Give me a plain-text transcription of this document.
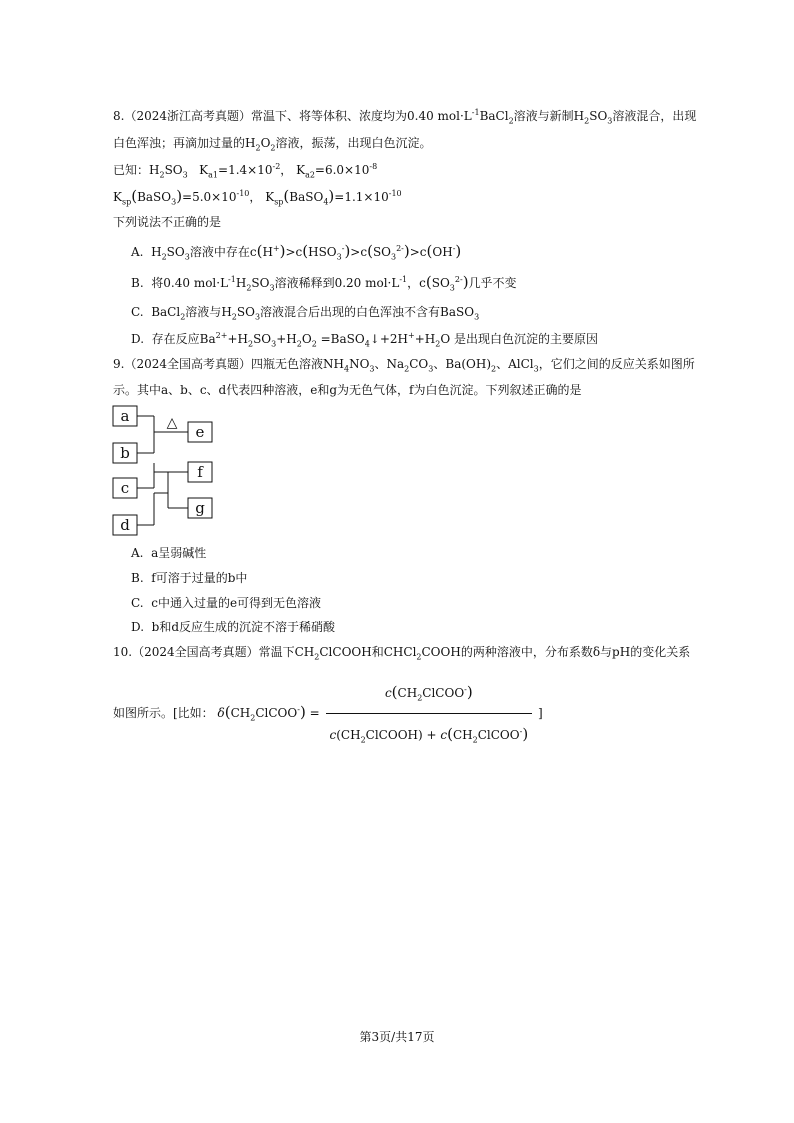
8.（2024浙江高考真题）常温下、将等体积、浓度均为0.40 $mol\cdot L^{-1}BaCl_2$溶液与新制$H_2SO_3$溶液混合，出现
白色浑浊；再滴加过量的$H_2O_2$溶液，振荡，出现白色沉淀。
已知：$H_2SO_3$   $K_{a1}=1.4\times 10^{-2}$， $K_{a2}=6.0\times 10^{-8}$
$K_{sp}(BaSO_3)=5.0\times 10^{-10}$， $K_{sp}(BaSO_4)=1.1\times 10^{-10}$
下列说法不正确的是
A.  $H_2SO_3$溶液中存在$c(H^+)>c(HSO_3^-)>c(SO_3^{2-})>c(OH^-)$
B. 将0.40 $mol\cdot L^{-1}H_2SO_3$溶液稀释到0.20 $mol\cdot L^{-1}$，$c(SO_3^{2-})$几乎不变
C.  BaCl$_2$溶液与$H_2SO_3$溶液混合后出现的白色浑浊不含有BaSO$_3$
D. 存在反应$Ba^{2+}+H_2SO_3+H_2O_2$ $=BaSO_4↓+2H^++H_2O$ 是出现白色沉淀的主要原因
9.（2024全国高考真题）四瓶无色溶液$NH_4NO_3$、$Na_2CO_3$、$Ba(OH)_2$、AlCl$_3$，它们之间的反应关系如图所
示。其中a、b、c、d代表四种溶液，e和g为无色气体，f为白色沉淀。下列叙述正确的是
a
b
c
d
e
f
g
△
A. a呈弱碱性
B. f可溶于过量的b中
C. c中通入过量的e可得到无色溶液
D. b和d反应生成的沉淀不溶于稀硝酸
10.（2024全国高考真题）常温下$CH_2ClCOOH$和CHCl$_2$COOH的两种溶液中，分布系数δ与pH的变化关系
如图所示。[比如： $\delta(CH_2ClCOO^-) = \frac{c(CH_2ClCOO^-)}{c(CH_2ClCOOH) + c(CH_2ClCOO^-)}$ ]
第3页/共17页
